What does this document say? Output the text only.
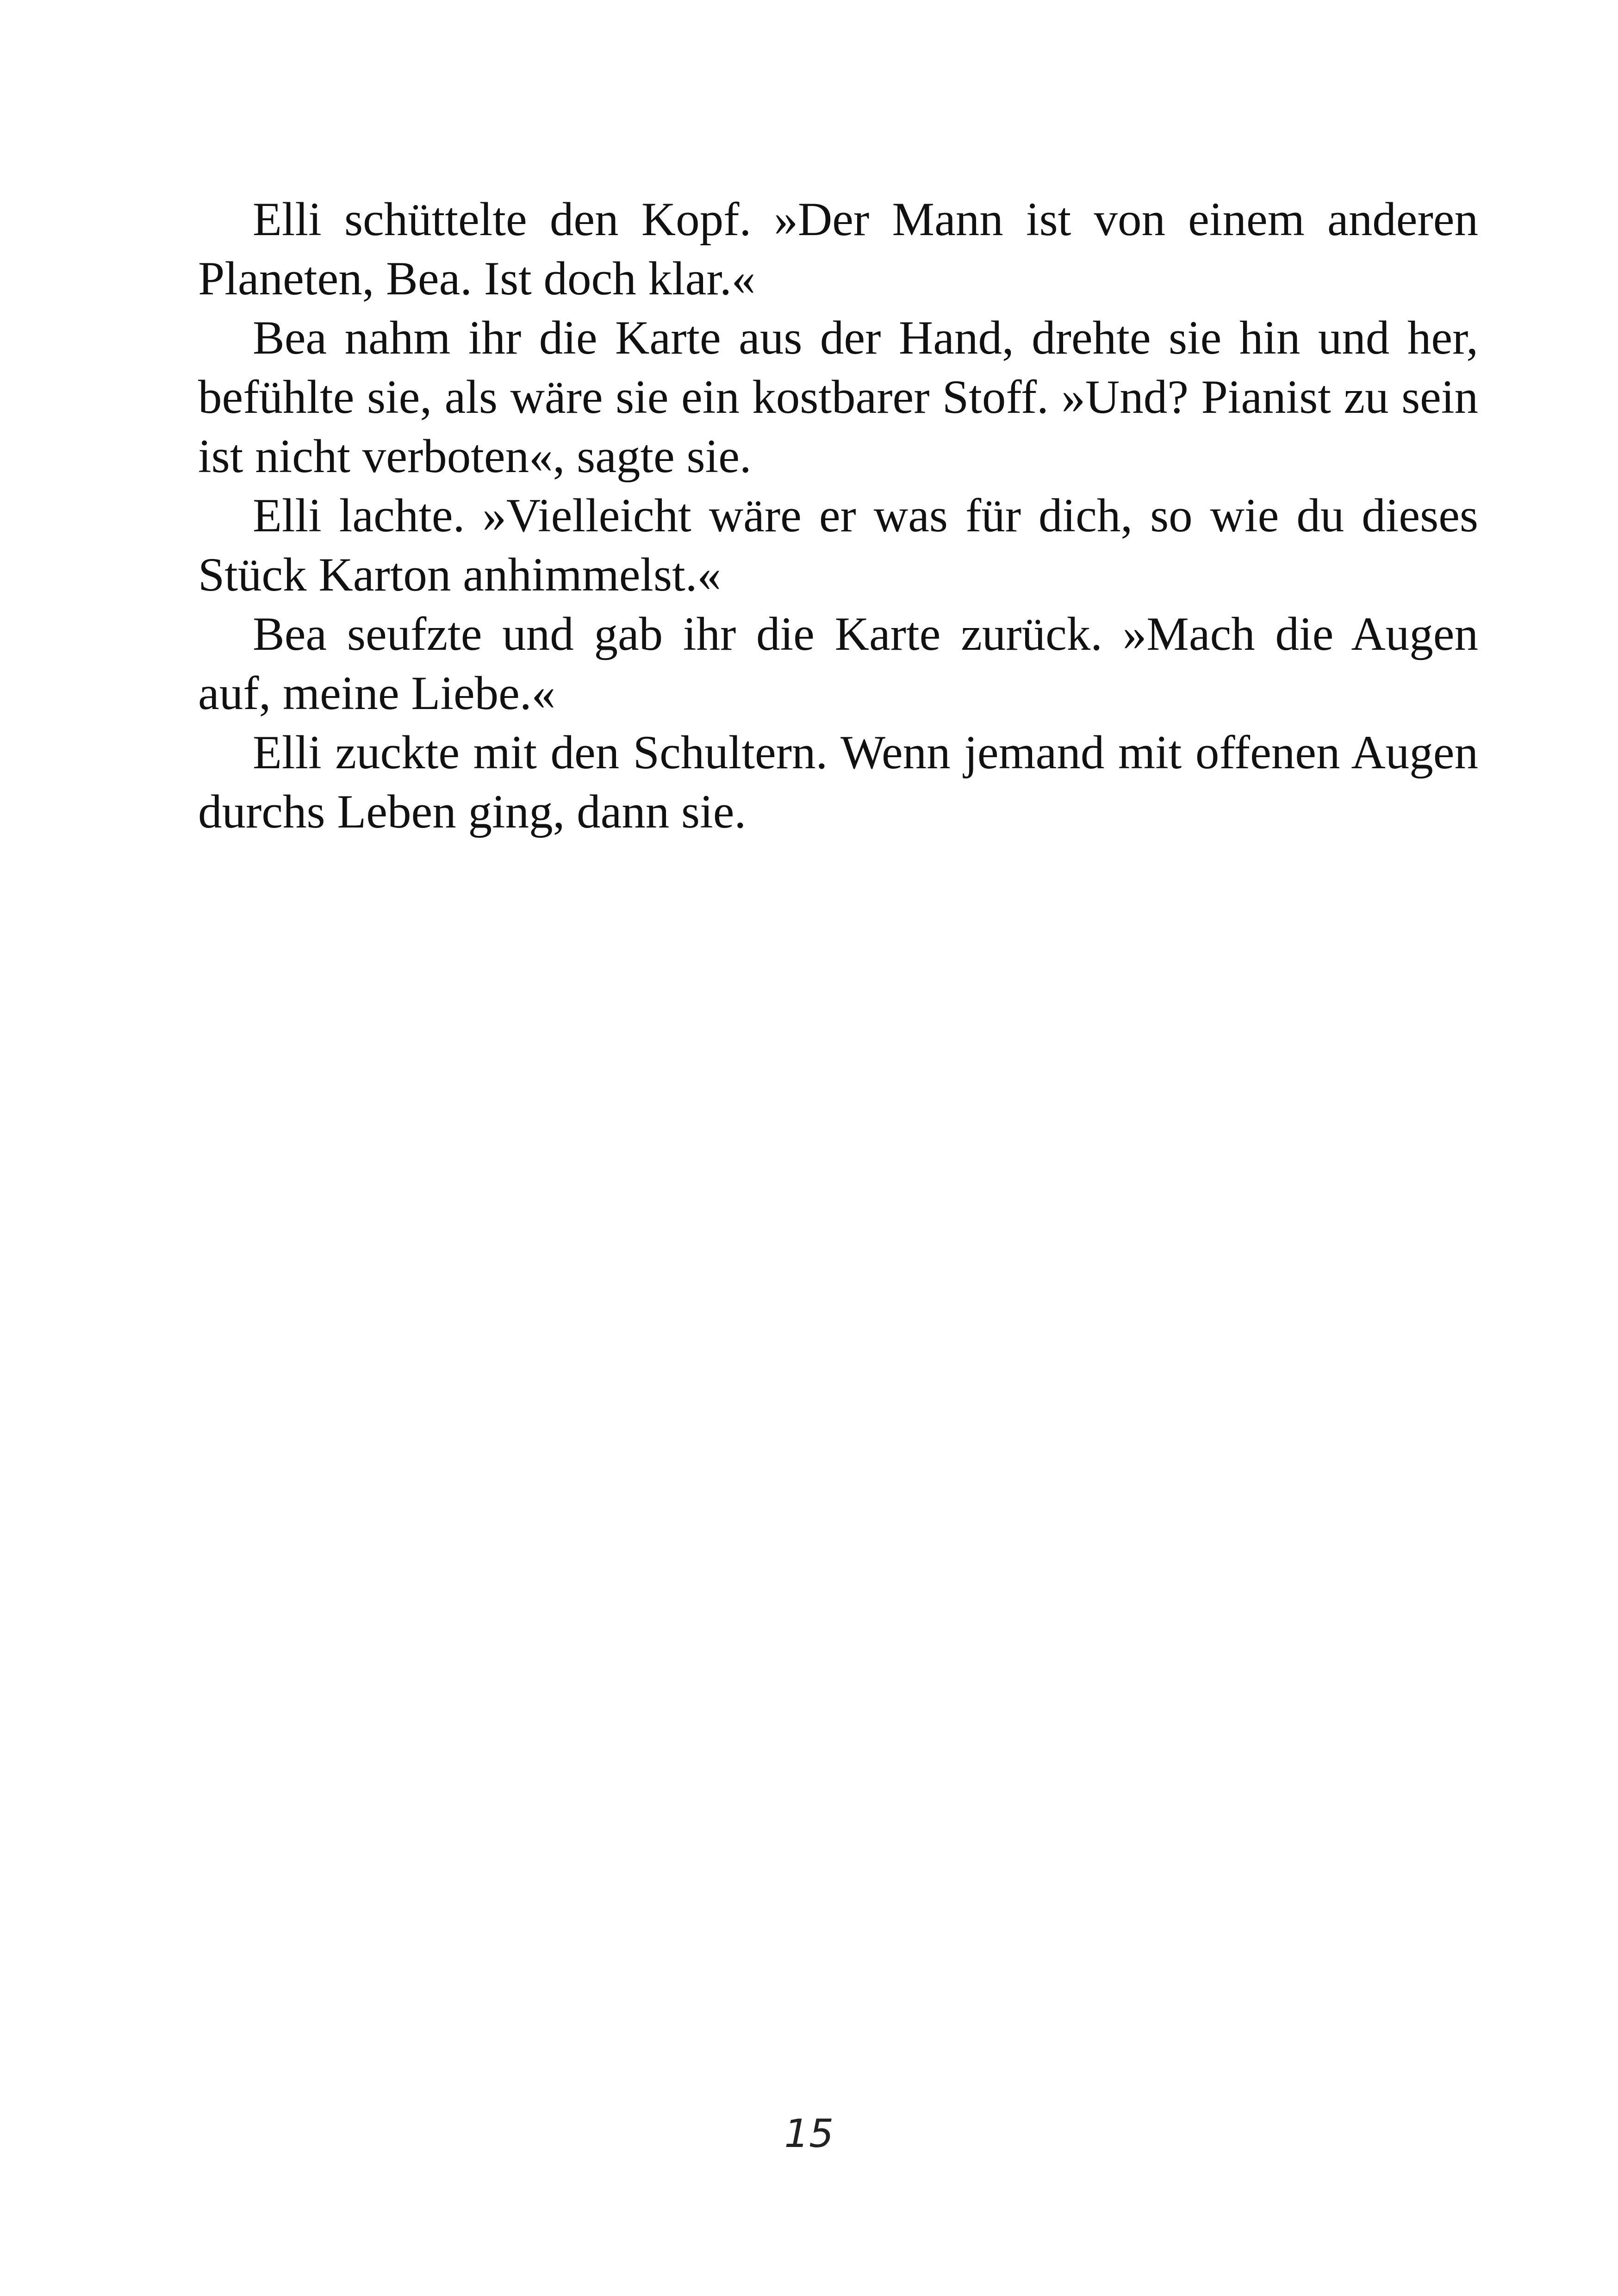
Elli schüttelte den Kopf. »Der Mann ist von einem anderen
Planeten, Bea. Ist doch klar.«
Bea nahm ihr die Karte aus der Hand, drehte sie hin und her,
befühlte sie, als wäre sie ein kostbarer Stoff. »Und? Pianist zu sein
ist nicht verboten«, sagte sie.
Elli lachte. »Vielleicht wäre er was für dich, so wie du dieses
Stück Karton anhimmelst.«
Bea seufzte und gab ihr die Karte zurück. »Mach die Augen
auf, meine Liebe.«
Elli zuckte mit den Schultern. Wenn jemand mit offenen Augen
durchs Leben ging, dann sie.
15
